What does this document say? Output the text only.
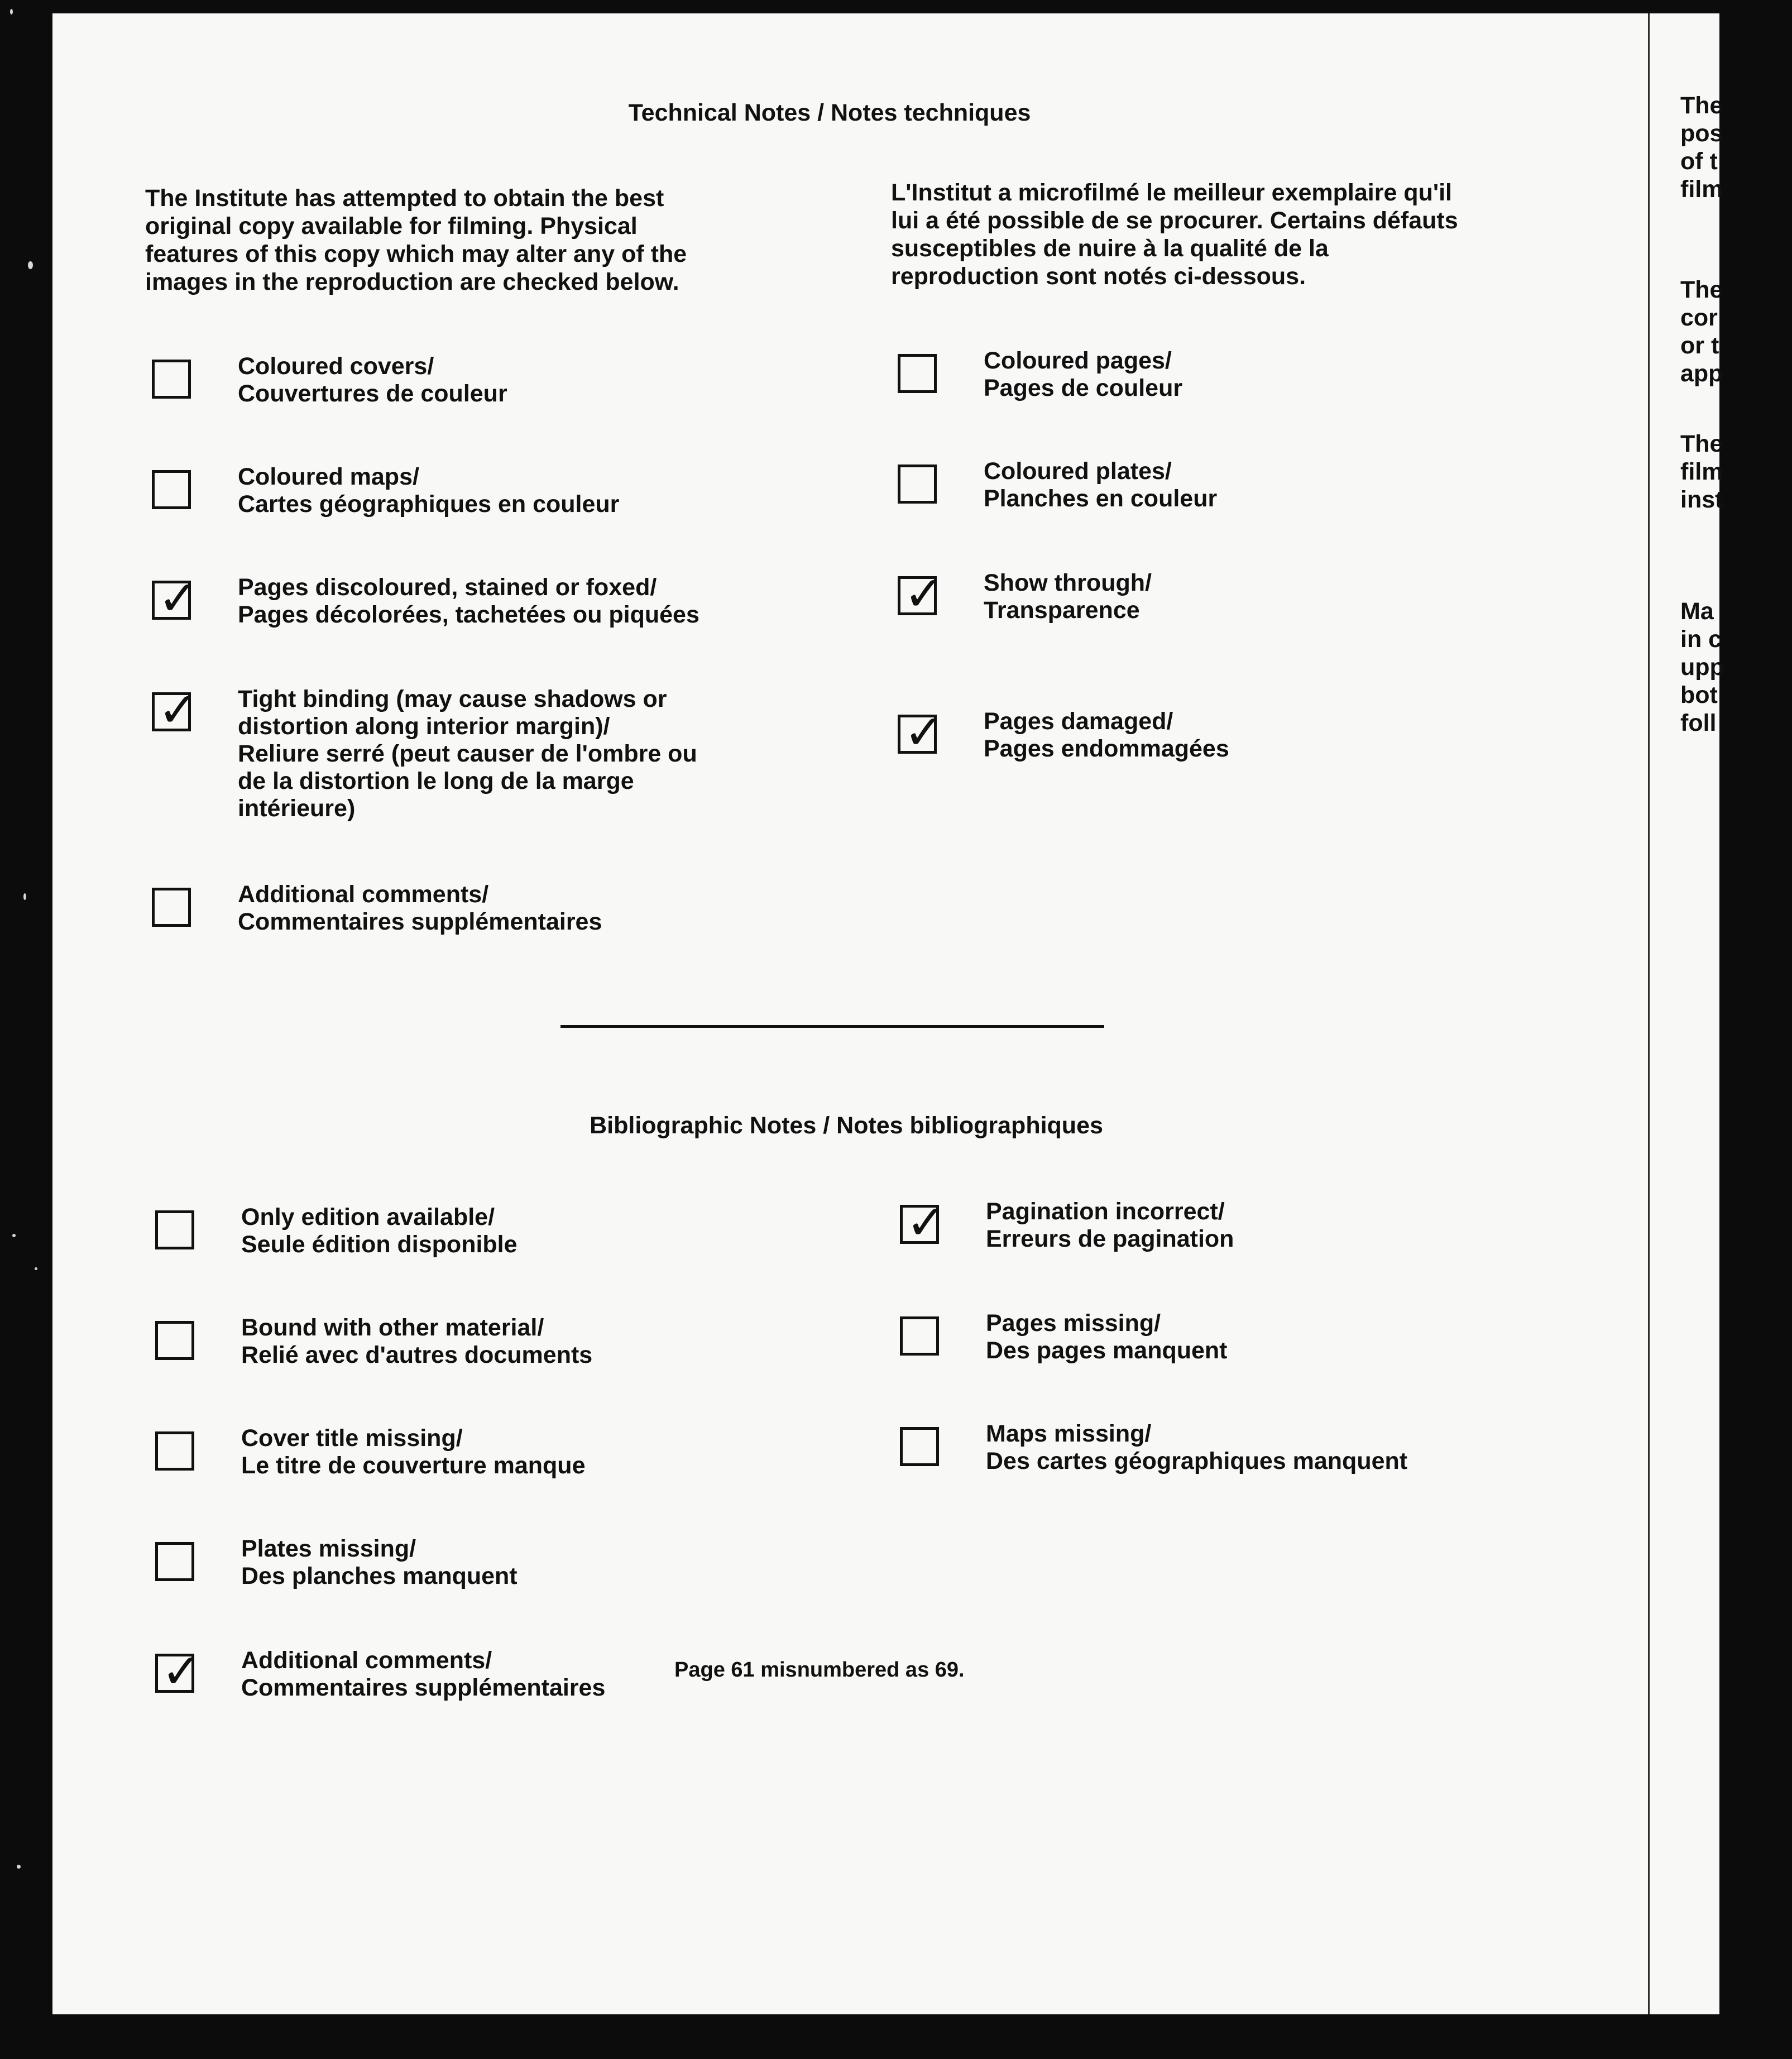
Technical Notes / Notes techniques
The Institute has attempted to obtain the best original copy available for filming. Physical features of this copy which may alter any of the images in the reproduction are checked below.
L'Institut a microfilmé le meilleur exemplaire qu'il lui a été possible de se procurer. Certains défauts susceptibles de nuire à la qualité de la reproduction sont notés ci-dessous.
Coloured covers/
Couvertures de couleur
Coloured maps/
Cartes géographiques en couleur
✓ Pages discoloured, stained or foxed/
Pages décolorées, tachetées ou piquées
✓ Tight binding (may cause shadows or
distortion along interior margin)/
Reliure serré (peut causer de l'ombre ou
de la distortion le long de la marge
intérieure)
Additional comments/
Commentaires supplémentaires
Coloured pages/
Pages de couleur
Coloured plates/
Planches en couleur
✓ Show through/
Transparence
✓ Pages damaged/
Pages endommagées
Bibliographic Notes / Notes bibliographiques
Only edition available/
Seule édition disponible
Bound with other material/
Relié avec d'autres documents
Cover title missing/
Le titre de couverture manque
Plates missing/
Des planches manquent
✓ Additional comments/
Commentaires supplémentaires
Page 61 misnumbered as 69.
✓ Pagination incorrect/
Erreurs de pagination
Pages missing/
Des pages manquent
Maps missing/
Des cartes géographiques manquent
The
pos
of t
film
The
cor
or t
app
The
film
inst
Ma
in c
upp
bot
foll
